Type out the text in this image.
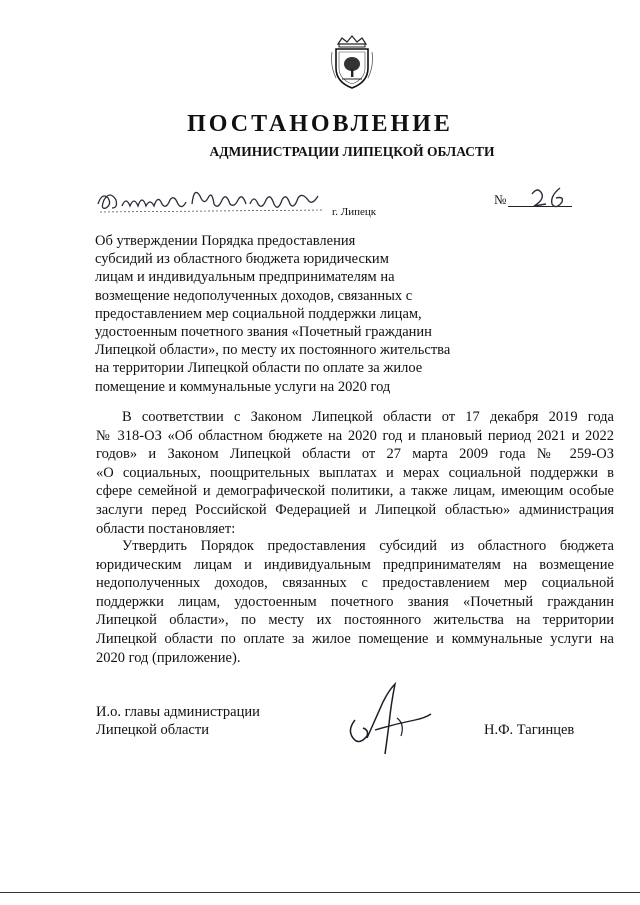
ПОСТАНОВЛЕНИЕ
АДМИНИСТРАЦИИ ЛИПЕЦКОЙ ОБЛАСТИ
г. Липецк
№
Об утверждении Порядка предоставления
субсидий из областного бюджета юридическим
лицам и индивидуальным предпринимателям на
возмещение недополученных доходов, связанных с
предоставлением мер социальной поддержки лицам,
удостоенным почетного звания «Почетный гражданин
Липецкой области», по месту их постоянного жительства
на территории Липецкой области по оплате за жилое
помещение и коммунальные услуги на 2020 год
В соответствии с Законом Липецкой области от 17 декабря 2019 года
№ 318-ОЗ «Об областном бюджете на 2020 год и плановый период 2021 и 2022
годов» и Законом Липецкой области от 27 марта 2009 года № 259-ОЗ
«О социальных, поощрительных выплатах и мерах социальной поддержки в
сфере семейной и демографической политики, а также лицам, имеющим особые
заслуги перед Российской Федерацией и Липецкой областью» администрация
области постановляет:
Утвердить Порядок предоставления субсидий из областного бюджета
юридическим лицам и индивидуальным предпринимателям на возмещение
недополученных доходов, связанных с предоставлением мер социальной
поддержки лицам, удостоенным почетного звания «Почетный гражданин
Липецкой области», по месту их постоянного жительства на территории
Липецкой области по оплате за жилое помещение и коммунальные услуги на
2020 год (приложение).
И.о. главы администрации
Липецкой области	Н.Ф. Тагинцев
